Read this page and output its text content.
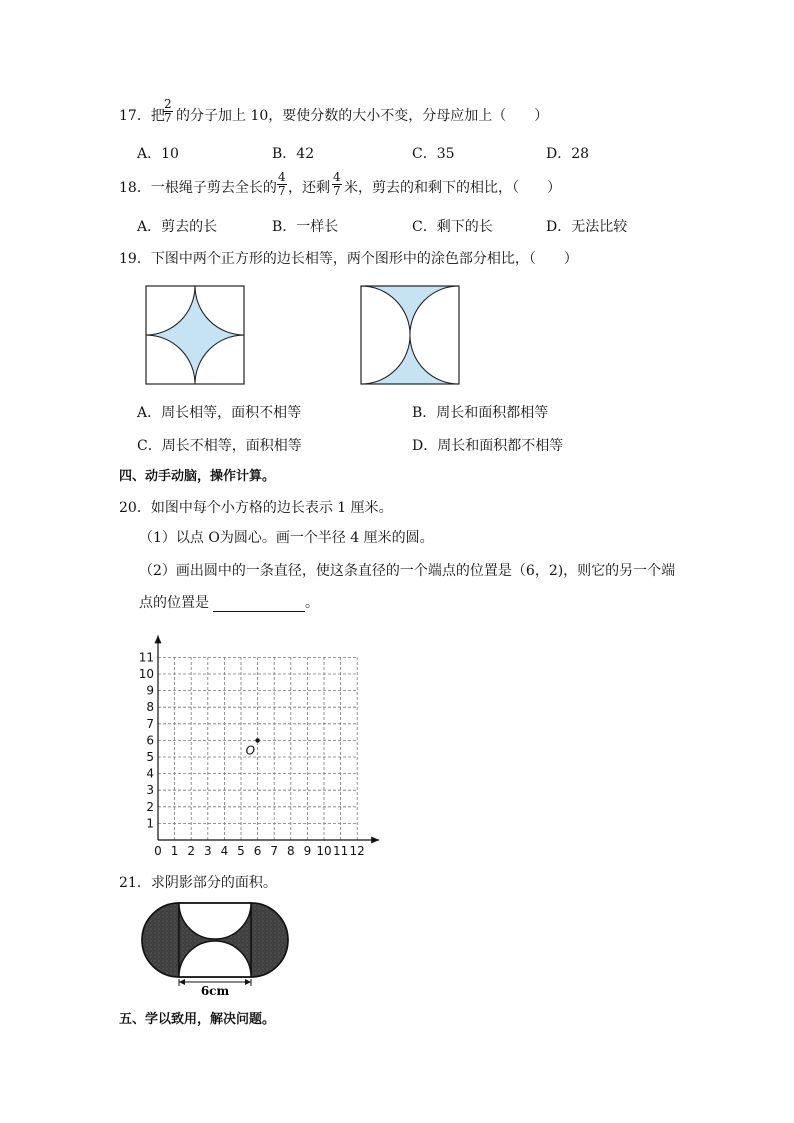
17．把
$\frac{2}{7}$ 的分子加上 10，要使分数的大小不变，分母应加上（　　）
A．10	B．42	C．35	D．28
18．一根绳子剪去全长的 $\frac{4}{7}$ ，还剩 $\frac{4}{7}$ 米，剪去的和剩下的相比，（　　）
A．剪去的长	B．一样长	C．剩下的长	D．无法比较
19．下图中两个正方形的边长相等，两个图形中的涂色部分相比，（　　）
A．周长相等，面积不相等	B．周长和面积都相等
C．周长不相等，面积相等	D．周长和面积都不相等
四、动手动脑，操作计算。
20．如图中每个小方格的边长表示 1 厘米。
（1）以点 O为圆心。画一个半径 4 厘米的圆。
（2）画出圆中的一条直径，使这条直径的一个端点的位置是（6，2)，则它的另一个端
点的位置是	。
0 1 2 3 4 5 6 7 8 9 10 11 12
1
2
3
4
5
6
7
8
9
10
11
O
21．求阴影部分的面积。
6cm
五、学以致用，解决问题。
